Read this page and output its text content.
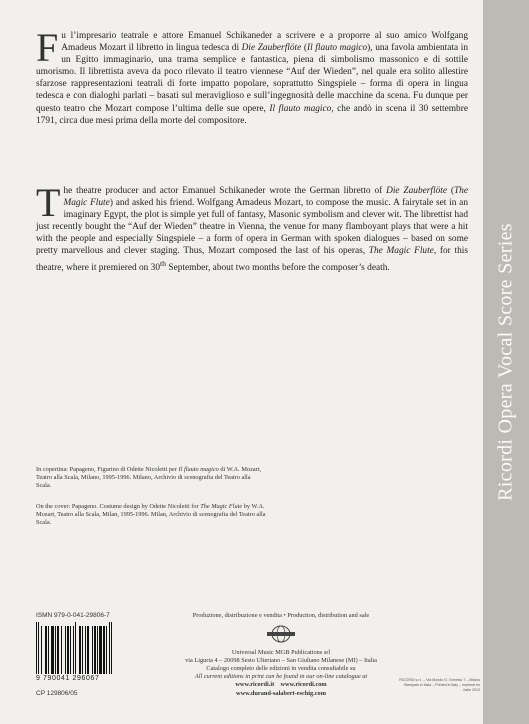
Ricordi Opera Vocal Score Series

Fu l’impresario teatrale e attore Emanuel Schikaneder a scrivere e a proporre al suo amico Wolfgang Amadeus Mozart il libretto in lingua tedesca di Die Zauberflöte (Il flauto magico), una favola ambientata in un Egitto immaginario, una trama semplice e fantastica, piena di simbolismo massonico e di sottile umorismo. Il librettista aveva da poco rilevato il teatro viennese “Auf der Wieden”, nel quale era solito allestire sfarzose rappresentazioni teatrali di forte impatto popolare, soprattutto Singspiele – forma di opera in lingua tedesca e con dialoghi parlati – basati sul meraviglioso e sull’ingegnosità delle macchine da scena. Fu dunque per questo teatro che Mozart compose l’ultima delle sue opere, Il flauto magico, che andò in scena il 30 settembre 1791, circa due mesi prima della morte del compositore.

The theatre producer and actor Emanuel Schikaneder wrote the German libretto of Die Zauberflöte (The Magic Flute) and asked his friend. Wolfgang Amadeus Mozart, to compose the music. A fairytale set in an imaginary Egypt, the plot is simple yet full of fantasy, Masonic symbolism and clever wit. The librettist had just recently bought the “Auf der Wieden” theatre in Vienna, the venue for many flamboyant plays that were a hit with the people and especially Singspiele – a form of opera in German with spoken dialogues – based on some pretty marvellous and clever staging. Thus, Mozart composed the last of his operas, The Magic Flute, for this theatre, where it premiered on 30th September, about two months before the composer’s death.

In copertina: Papageno, Figurino di Odette Nicoletti per Il flauto magico di W.A. Mozart, Teatro alla Scala, Milano, 1995-1996. Milano, Archivio di scenografia del Teatro alla Scala.

On the cover: Papageno. Costume design by Odette Nicoletti for The Magic Flute by W.A. Mozart, Teatro alla Scala, Milan, 1995-1996. Milan, Archivio di scenografia del Teatro alla Scala.

ISMN 979-0-041-29806-7
9 790041 296067
CP 129806/05
Produzione, distribuzione e vendita • Production, distribution and sale
Universal Music MGB Publications srl
via Liguria 4 – 20098 Sesto Ulteriano – San Giuliano Milanese (MI) – Italia
Catalogo completo delle edizioni in vendita consultabile su
All current editions in print can be found in our on-line catalogue at
www.ricordi.it www.ricordi.com
www.durand-salabert-eschig.com
RICORDI s.r.l. – Via Mondo G. Genesio 7 – Milano
Stampato in Italia – Printed in Italy – Imprimé en Italie 2010
